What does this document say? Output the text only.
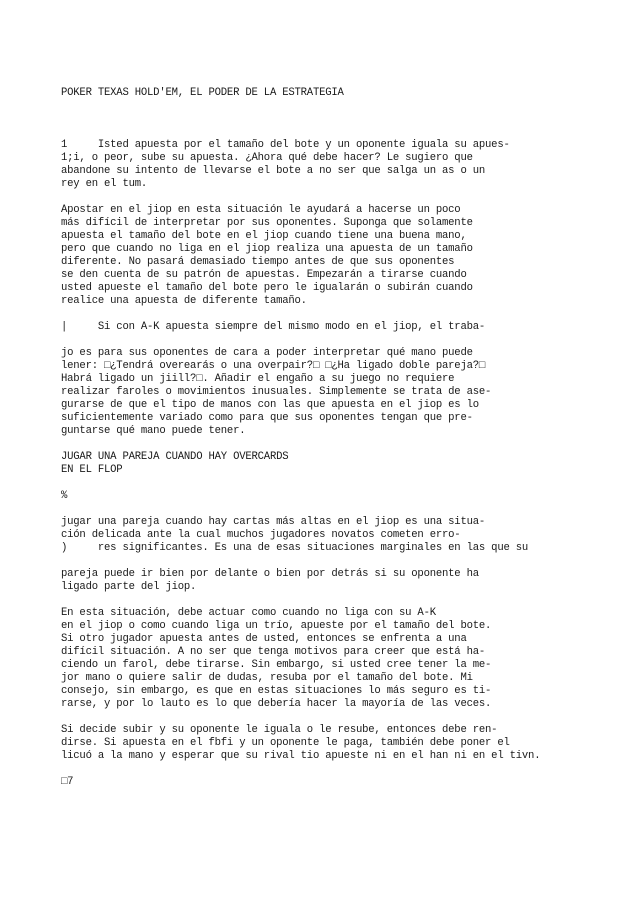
POKER TEXAS HOLD'EM, EL PODER DE LA ESTRATEGIA

1     Isted apuesta por el tamaño del bote y un oponente iguala su apues-
1;i, o peor, sube su apuesta. ¿Ahora qué debe hacer? Le sugiero que
abandone su intento de llevarse el bote a no ser que salga un as o un
rey en el tum.
Apostar en el jiop en esta situación le ayudará a hacerse un poco
más difícil de interpretar por sus oponentes. Suponga que solamente
apuesta el tamaño del bote en el jiop cuando tiene una buena mano,
pero que cuando no liga en el jiop realiza una apuesta de un tamaño
diferente. No pasará demasiado tiempo antes de que sus oponentes
se den cuenta de su patrón de apuestas. Empezarán a tirarse cuando
usted apueste el tamaño del bote pero le igualarán o subirán cuando
realice una apuesta de diferente tamaño.
|     Si con A-K apuesta siempre del mismo modo en el jiop, el traba-
jo es para sus oponentes de cara a poder interpretar qué mano puede
lener: □¿Tendrá overearás o una overpair?□ □¿Ha ligado doble pareja?□
Habrá ligado un jiill?□. Añadir el engaño a su juego no requiere
realizar faroles o movimientos inusuales. Simplemente se trata de ase-
gurarse de que el tipo de manos con las que apuesta en el jiop es lo
suficientemente variado como para que sus oponentes tengan que pre-
guntarse qué mano puede tener.
JUGAR UNA PAREJA CUANDO HAY OVERCARDS
EN EL FLOP
%
jugar una pareja cuando hay cartas más altas en el jiop es una situa-
ción delicada ante la cual muchos jugadores novatos cometen erro-
)     res significantes. Es una de esas situaciones marginales en las que su
pareja puede ir bien por delante o bien por detrás si su oponente ha
ligado parte del jiop.
En esta situación, debe actuar como cuando no liga con su A-K
en el jiop o como cuando liga un trío, apueste por el tamaño del bote.
Si otro jugador apuesta antes de usted, entonces se enfrenta a una
difícil situación. A no ser que tenga motivos para creer que está ha-
ciendo un farol, debe tirarse. Sin embargo, si usted cree tener la me-
jor mano o quiere salir de dudas, resuba por el tamaño del bote. Mi
consejo, sin embargo, es que en estas situaciones lo más seguro es ti-
rarse, y por lo lauto es lo que debería hacer la mayoría de las veces.
Si decide subir y su oponente le iguala o le resube, entonces debe ren-
dirse. Si apuesta en el fbfi y un oponente le paga, también debe poner el
licuó a la mano y esperar que su rival tio apueste ni en el han ni en el tivn.
□7
